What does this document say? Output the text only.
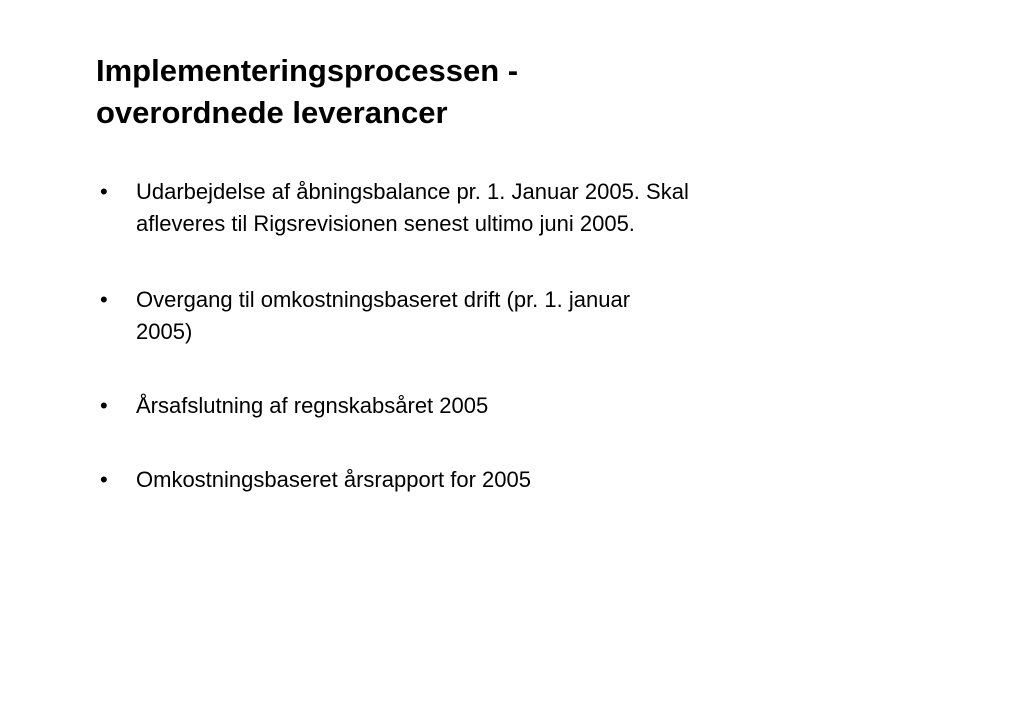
Implementeringsprocessen -
overordnede leverancer
•	Udarbejdelse af åbningsbalance pr. 1. Januar 2005. Skal
afleveres til Rigsrevisionen senest ultimo juni 2005.
•	Overgang til omkostningsbaseret drift (pr. 1. januar
2005)
•	Årsafslutning af regnskabsåret 2005
•	Omkostningsbaseret årsrapport for 2005
